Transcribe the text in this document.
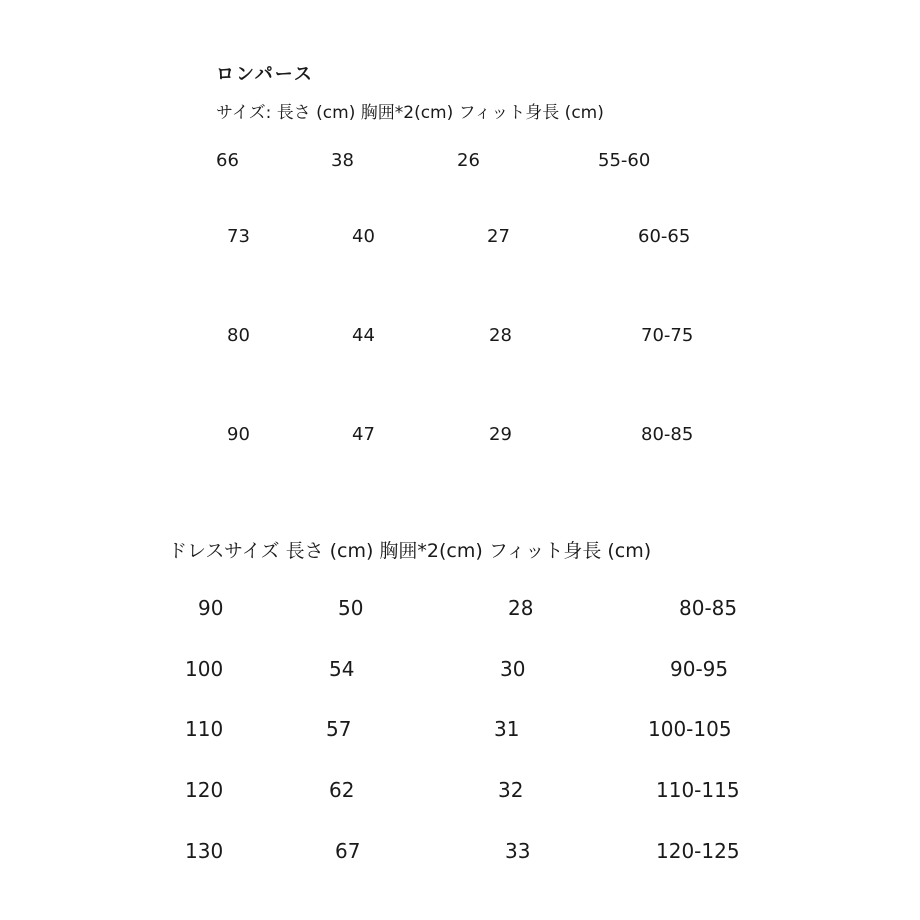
ロンパース
サイズ: 長さ (cm) 胸囲*2(cm) フィット身長 (cm)
66	38	26	55-60
73	40	27	60-65
80	44	28	70-75
90	47	29	80-85
ドレスサイズ 長さ (cm) 胸囲*2(cm) フィット身長 (cm)
90	50	28	80-85
100	54	30	90-95
110	57	31	100-105
120	62	32	110-115
130	67	33	120-125
